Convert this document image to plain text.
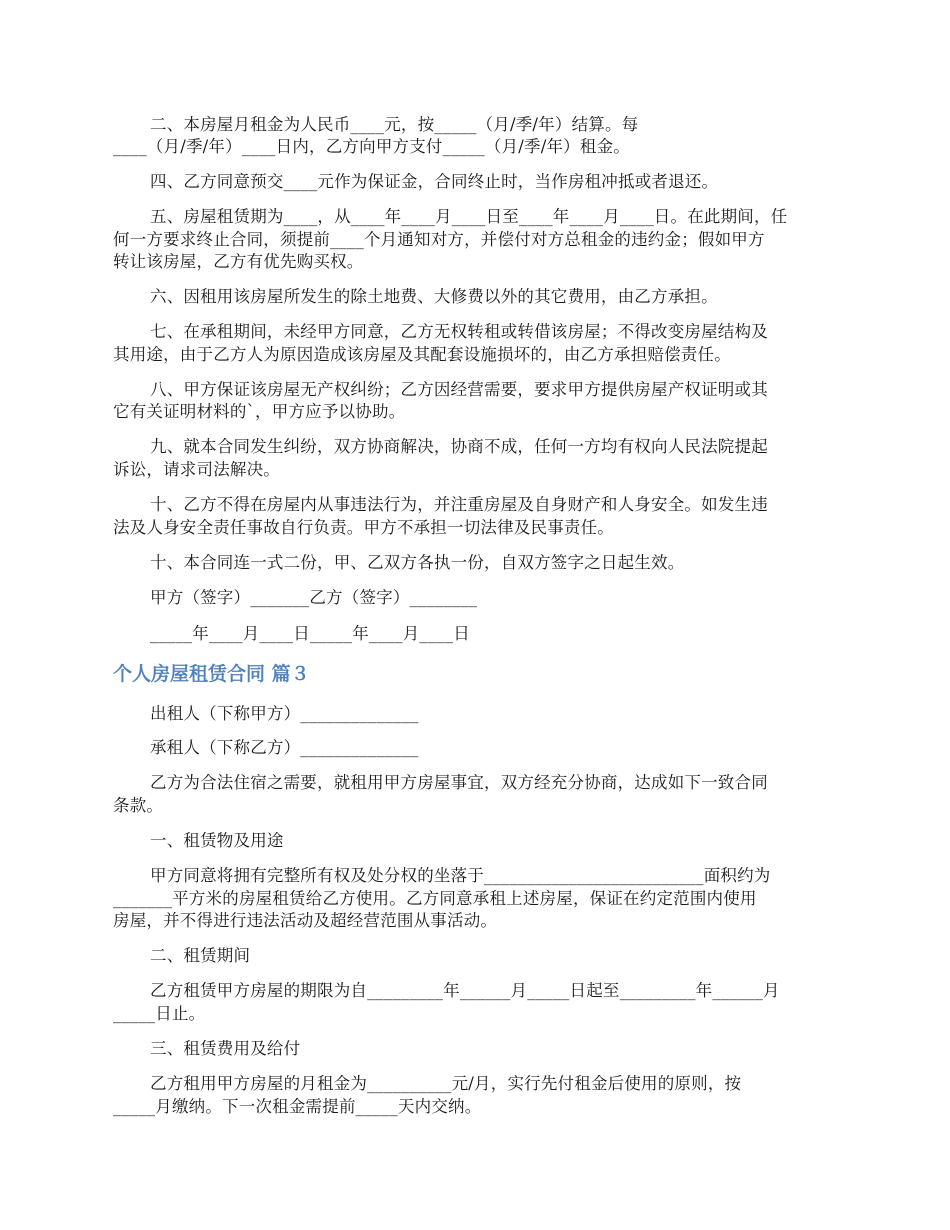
二、本房屋月租金为人民币____元，按_____（月/季/年）结算。每
____（月/季/年）____日内，乙方向甲方支付_____（月/季/年）租金。
四、乙方同意预交____元作为保证金，合同终止时，当作房租冲抵或者退还。
五、房屋租赁期为____，从____年____月____日至____年____月____日。在此期间，任
何一方要求终止合同，须提前____个月通知对方，并偿付对方总租金的违约金；假如甲方
转让该房屋，乙方有优先购买权。
六、因租用该房屋所发生的除土地费、大修费以外的其它费用，由乙方承担。
七、在承租期间，未经甲方同意，乙方无权转租或转借该房屋；不得改变房屋结构及
其用途，由于乙方人为原因造成该房屋及其配套设施损坏的，由乙方承担赔偿责任。
八、甲方保证该房屋无产权纠纷；乙方因经营需要，要求甲方提供房屋产权证明或其
它有关证明材料的`，甲方应予以协助。
九、就本合同发生纠纷，双方协商解决，协商不成，任何一方均有权向人民法院提起
诉讼，请求司法解决。
十、乙方不得在房屋内从事违法行为，并注重房屋及自身财产和人身安全。如发生违
法及人身安全责任事故自行负责。甲方不承担一切法律及民事责任。
十、本合同连一式二份，甲、乙双方各执一份，自双方签字之日起生效。
甲方（签字）_______乙方（签字）________
_____年____月____日_____年____月____日
个人房屋租赁合同 篇３
出租人（下称甲方）______________
承租人（下称乙方）______________
乙方为合法住宿之需要，就租用甲方房屋事宜，双方经充分协商，达成如下一致合同
条款。
一、租赁物及用途
甲方同意将拥有完整所有权及处分权的坐落于__________________________面积约为
_______平方米的房屋租赁给乙方使用。乙方同意承租上述房屋，保证在约定范围内使用
房屋，并不得进行违法活动及超经营范围从事活动。
二、租赁期间
乙方租赁甲方房屋的期限为自_________年______月_____日起至_________年______月
_____日止。
三、租赁费用及给付
乙方租用甲方房屋的月租金为__________元/月，实行先付租金后使用的原则，按
_____月缴纳。下一次租金需提前_____天内交纳。
